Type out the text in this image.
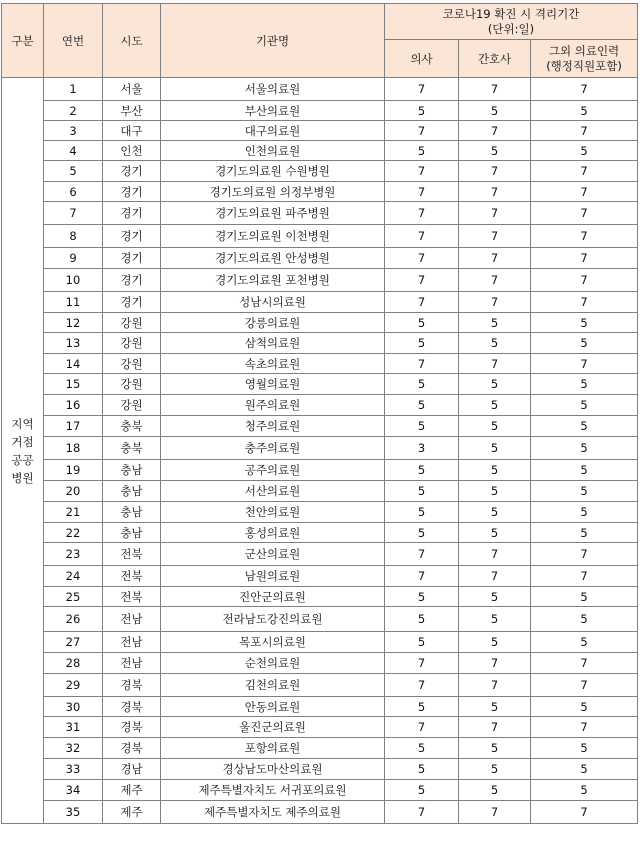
구분	연번	시도	기관명	코로나19 확진 시 격리기간
(단위:일)		

				의사	간호사	그외 의료인력
(행정직원포함)

지역
거점
공공
병원	1	서울	서울의료원	7	7	7
	2	부산	부산의료원	5	5	5
	3	대구	대구의료원	7	7	7
	4	인천	인천의료원	5	5	5
	5	경기	경기도의료원 수원병원	7	7	7
	6	경기	경기도의료원 의정부병원	7	7	7
	7	경기	경기도의료원 파주병원	7	7	7
	8	경기	경기도의료원 이천병원	7	7	7
	9	경기	경기도의료원 안성병원	7	7	7
	10	경기	경기도의료원 포천병원	7	7	7
	11	경기	성남시의료원	7	7	7
	12	강원	강릉의료원	5	5	5
	13	강원	삼척의료원	5	5	5
	14	강원	속초의료원	7	7	7
	15	강원	영월의료원	5	5	5
	16	강원	원주의료원	5	5	5
	17	충북	청주의료원	5	5	5
	18	충북	충주의료원	3	5	5
	19	충남	공주의료원	5	5	5
	20	충남	서산의료원	5	5	5
	21	충남	천안의료원	5	5	5
	22	충남	홍성의료원	5	5	5
	23	전북	군산의료원	7	7	7
	24	전북	남원의료원	7	7	7
	25	전북	진안군의료원	5	5	5
	26	전남	전라남도강진의료원	5	5	5
	27	전남	목포시의료원	5	5	5
	28	전남	순천의료원	7	7	7
	29	경북	김천의료원	7	7	7
	30	경북	안동의료원	5	5	5
	31	경북	울진군의료원	7	7	7
	32	경북	포항의료원	5	5	5
	33	경남	경상남도마산의료원	5	5	5
	34	제주	제주특별자치도 서귀포의료원	5	5	5
	35	제주	제주특별자치도 제주의료원	7	7	7
